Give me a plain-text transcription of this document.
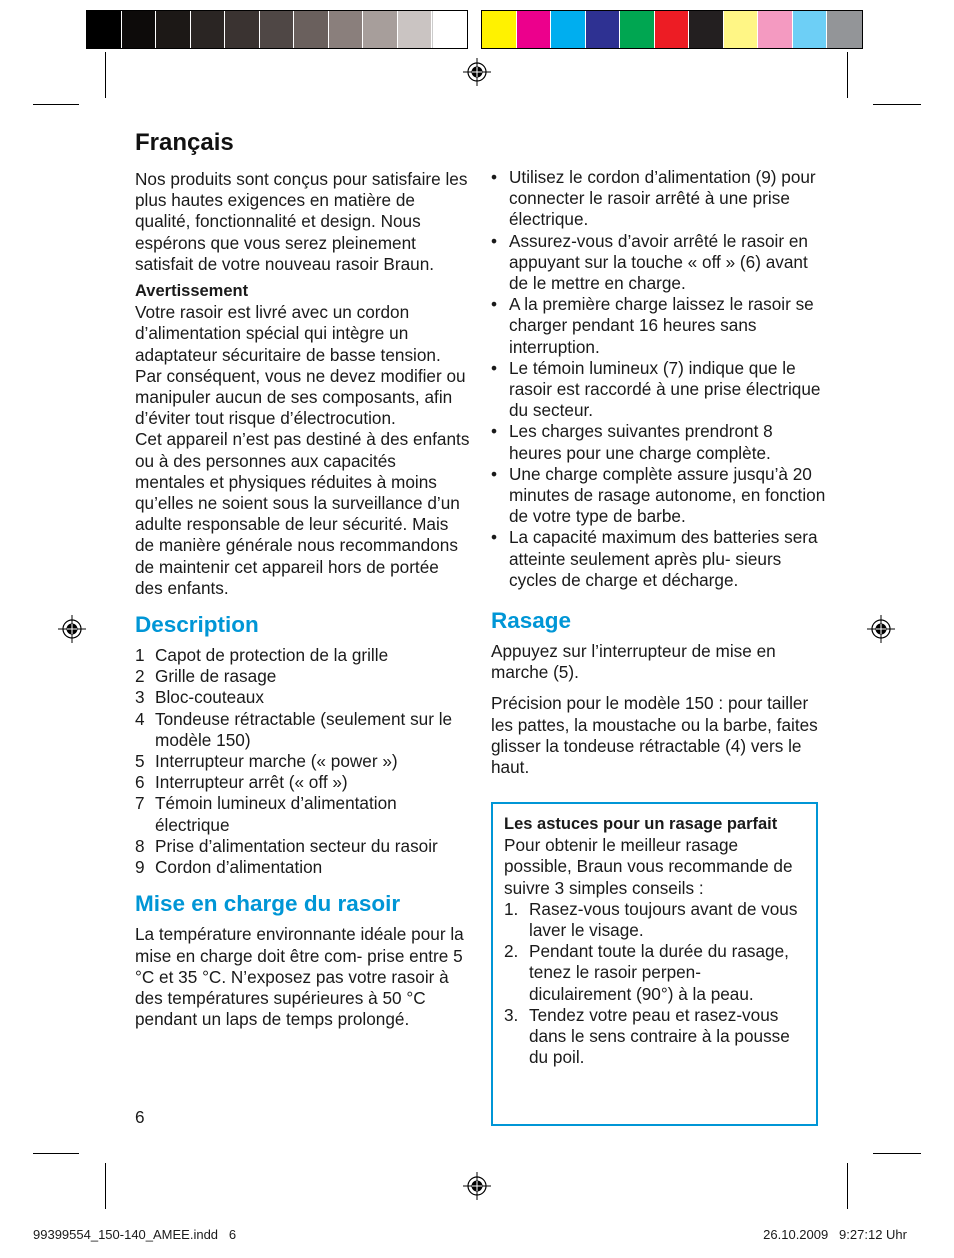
Français

Nos produits sont conçus pour satisfaire les plus hautes exigences en matière de qualité, fonctionnalité et design. Nous espérons que vous serez pleinement satisfait de votre nouveau rasoir Braun.

Avertissement

Votre rasoir est livré avec un cordon d’alimentation spécial qui intègre un adaptateur sécuritaire de basse tension. Par conséquent, vous ne devez modifier ou manipuler aucun de ses composants, afin d’éviter tout risque d’électrocution.

Cet appareil n’est pas destiné à des enfants ou à des personnes aux capacités mentales et physiques réduites à moins qu’elles ne soient sous la surveillance d’un adulte responsable de leur sécurité. Mais de manière générale nous recommandons de maintenir cet appareil hors de portée des enfants.

Description
1 Capot de protection de la grille
2 Grille de rasage
3 Bloc-couteaux
4 Tondeuse rétractable (seulement sur le modèle 150)
5 Interrupteur marche (« power »)
6 Interrupteur arrêt (« off »)
7 Témoin lumineux d’alimentation électrique
8 Prise d’alimentation secteur du rasoir
9 Cordon d’alimentation
Mise en charge du rasoir

La température environnante idéale pour la mise en charge doit être com- prise entre 5 °C et 35 °C. N’exposez pas votre rasoir à des températures supérieures à 50 °C pendant un laps de temps prolongé.

• Utilisez le cordon d’alimentation (9) pour connecter le rasoir arrêté à une prise électrique.
• Assurez-vous d’avoir arrêté le rasoir en appuyant sur la touche « off » (6) avant de le mettre en charge.
• A la première charge laissez le rasoir se charger pendant 16 heures sans interruption.
• Le témoin lumineux (7) indique que le rasoir est raccordé à une prise électrique du secteur.
• Les charges suivantes prendront 8 heures pour une charge complète.
• Une charge complète assure jusqu’à 20 minutes de rasage autonome, en fonction de votre type de barbe.
• La capacité maximum des batteries sera atteinte seulement après plu- sieurs cycles de charge et décharge.
Rasage

Appuyez sur l’interrupteur de mise en marche (5).

Précision pour le modèle 150 : pour tailler les pattes, la moustache ou la barbe, faites glisser la tondeuse rétractable (4) vers le haut.

Les astuces pour un rasage parfait

Pour obtenir le meilleur rasage possible, Braun vous recommande de suivre 3 simples conseils :

1. Rasez-vous toujours avant de vous laver le visage.
2. Pendant toute la durée du rasage, tenez le rasoir perpen- diculairement (90°) à la peau.
3. Tendez votre peau et rasez-vous dans le sens contraire à la pousse du poil.
6
99399554_150-140_AMEE.indd   6	26.10.2009   9:27:12 Uhr
